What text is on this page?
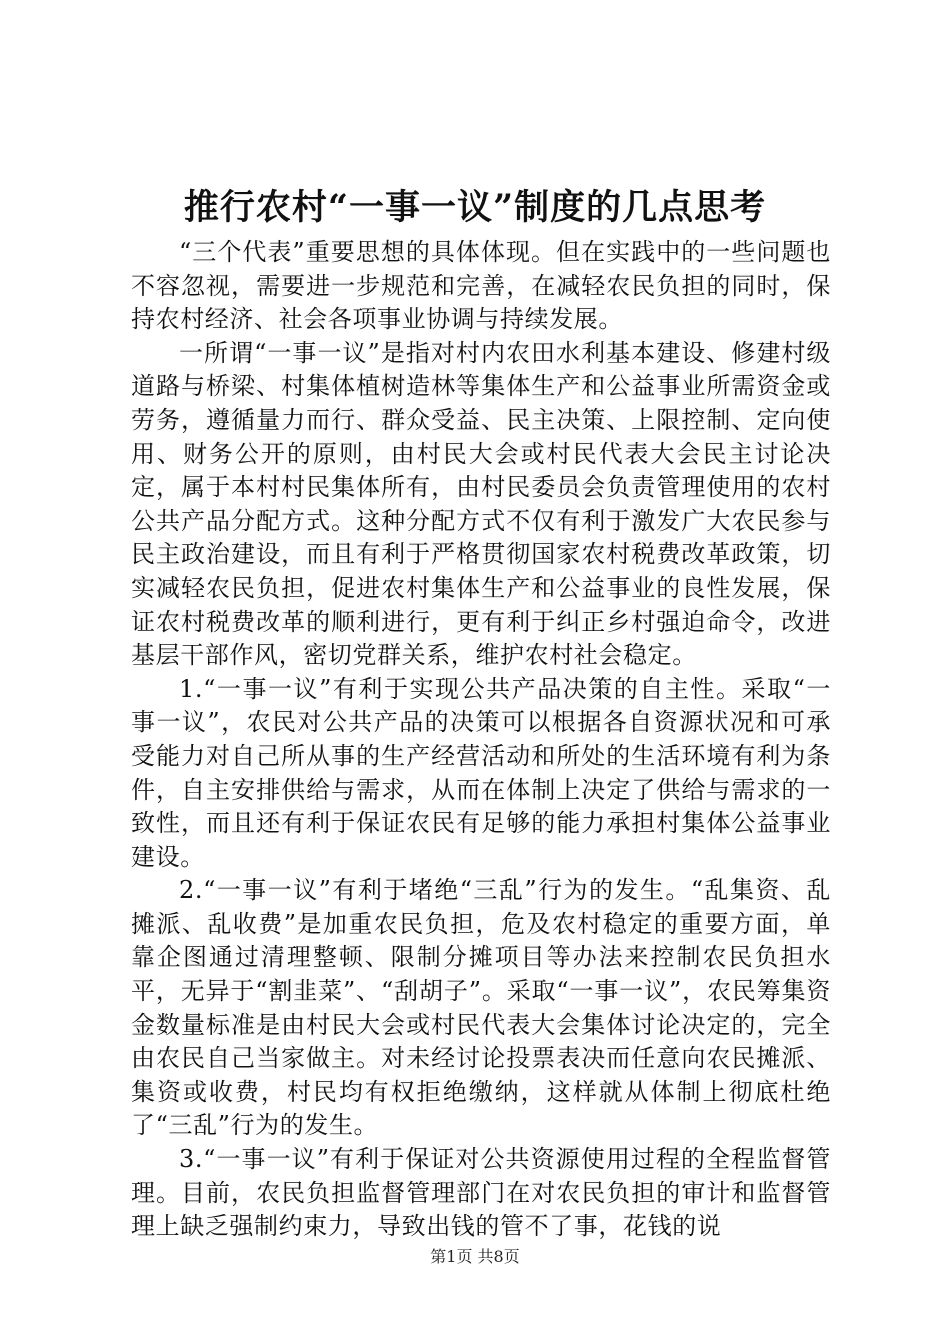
推行农村“一事一议”制度的几点思考

“三个代表”重要思想的具体体现。但在实践中的一些问题也不容忽视，需要进一步规范和完善，在减轻农民负担的同时，保持农村经济、社会各项事业协调与持续发展。

一所谓“一事一议”是指对村内农田水利基本建设、修建村级道路与桥梁、村集体植树造林等集体生产和公益事业所需资金或劳务，遵循量力而行、群众受益、民主决策、上限控制、定向使用、财务公开的原则，由村民大会或村民代表大会民主讨论决定，属于本村村民集体所有，由村民委员会负责管理使用的农村公共产品分配方式。这种分配方式不仅有利于激发广大农民参与民主政治建设，而且有利于严格贯彻国家农村税费改革政策，切实减轻农民负担，促进农村集体生产和公益事业的良性发展，保证农村税费改革的顺利进行，更有利于纠正乡村强迫命令，改进基层干部作风，密切党群关系，维护农村社会稳定。

1.“一事一议”有利于实现公共产品决策的自主性。采取“一事一议”，农民对公共产品的决策可以根据各自资源状况和可承受能力对自己所从事的生产经营活动和所处的生活环境有利为条件，自主安排供给与需求，从而在体制上决定了供给与需求的一致性，而且还有利于保证农民有足够的能力承担村集体公益事业建设。

2.“一事一议”有利于堵绝“三乱”行为的发生。“乱集资、乱摊派、乱收费”是加重农民负担，危及农村稳定的重要方面，单靠企图通过清理整顿、限制分摊项目等办法来控制农民负担水平，无异于“割韭菜”、“刮胡子”。采取“一事一议”，农民筹集资金数量标准是由村民大会或村民代表大会集体讨论决定的，完全由农民自己当家做主。对未经讨论投票表决而任意向农民摊派、集资或收费，村民均有权拒绝缴纳，这样就从体制上彻底杜绝了“三乱”行为的发生。

3.“一事一议”有利于保证对公共资源使用过程的全程监督管理。目前，农民负担监督管理部门在对农民负担的审计和监督管理上缺乏强制约束力，导致出钱的管不了事，花钱的说

第1页 共8页
